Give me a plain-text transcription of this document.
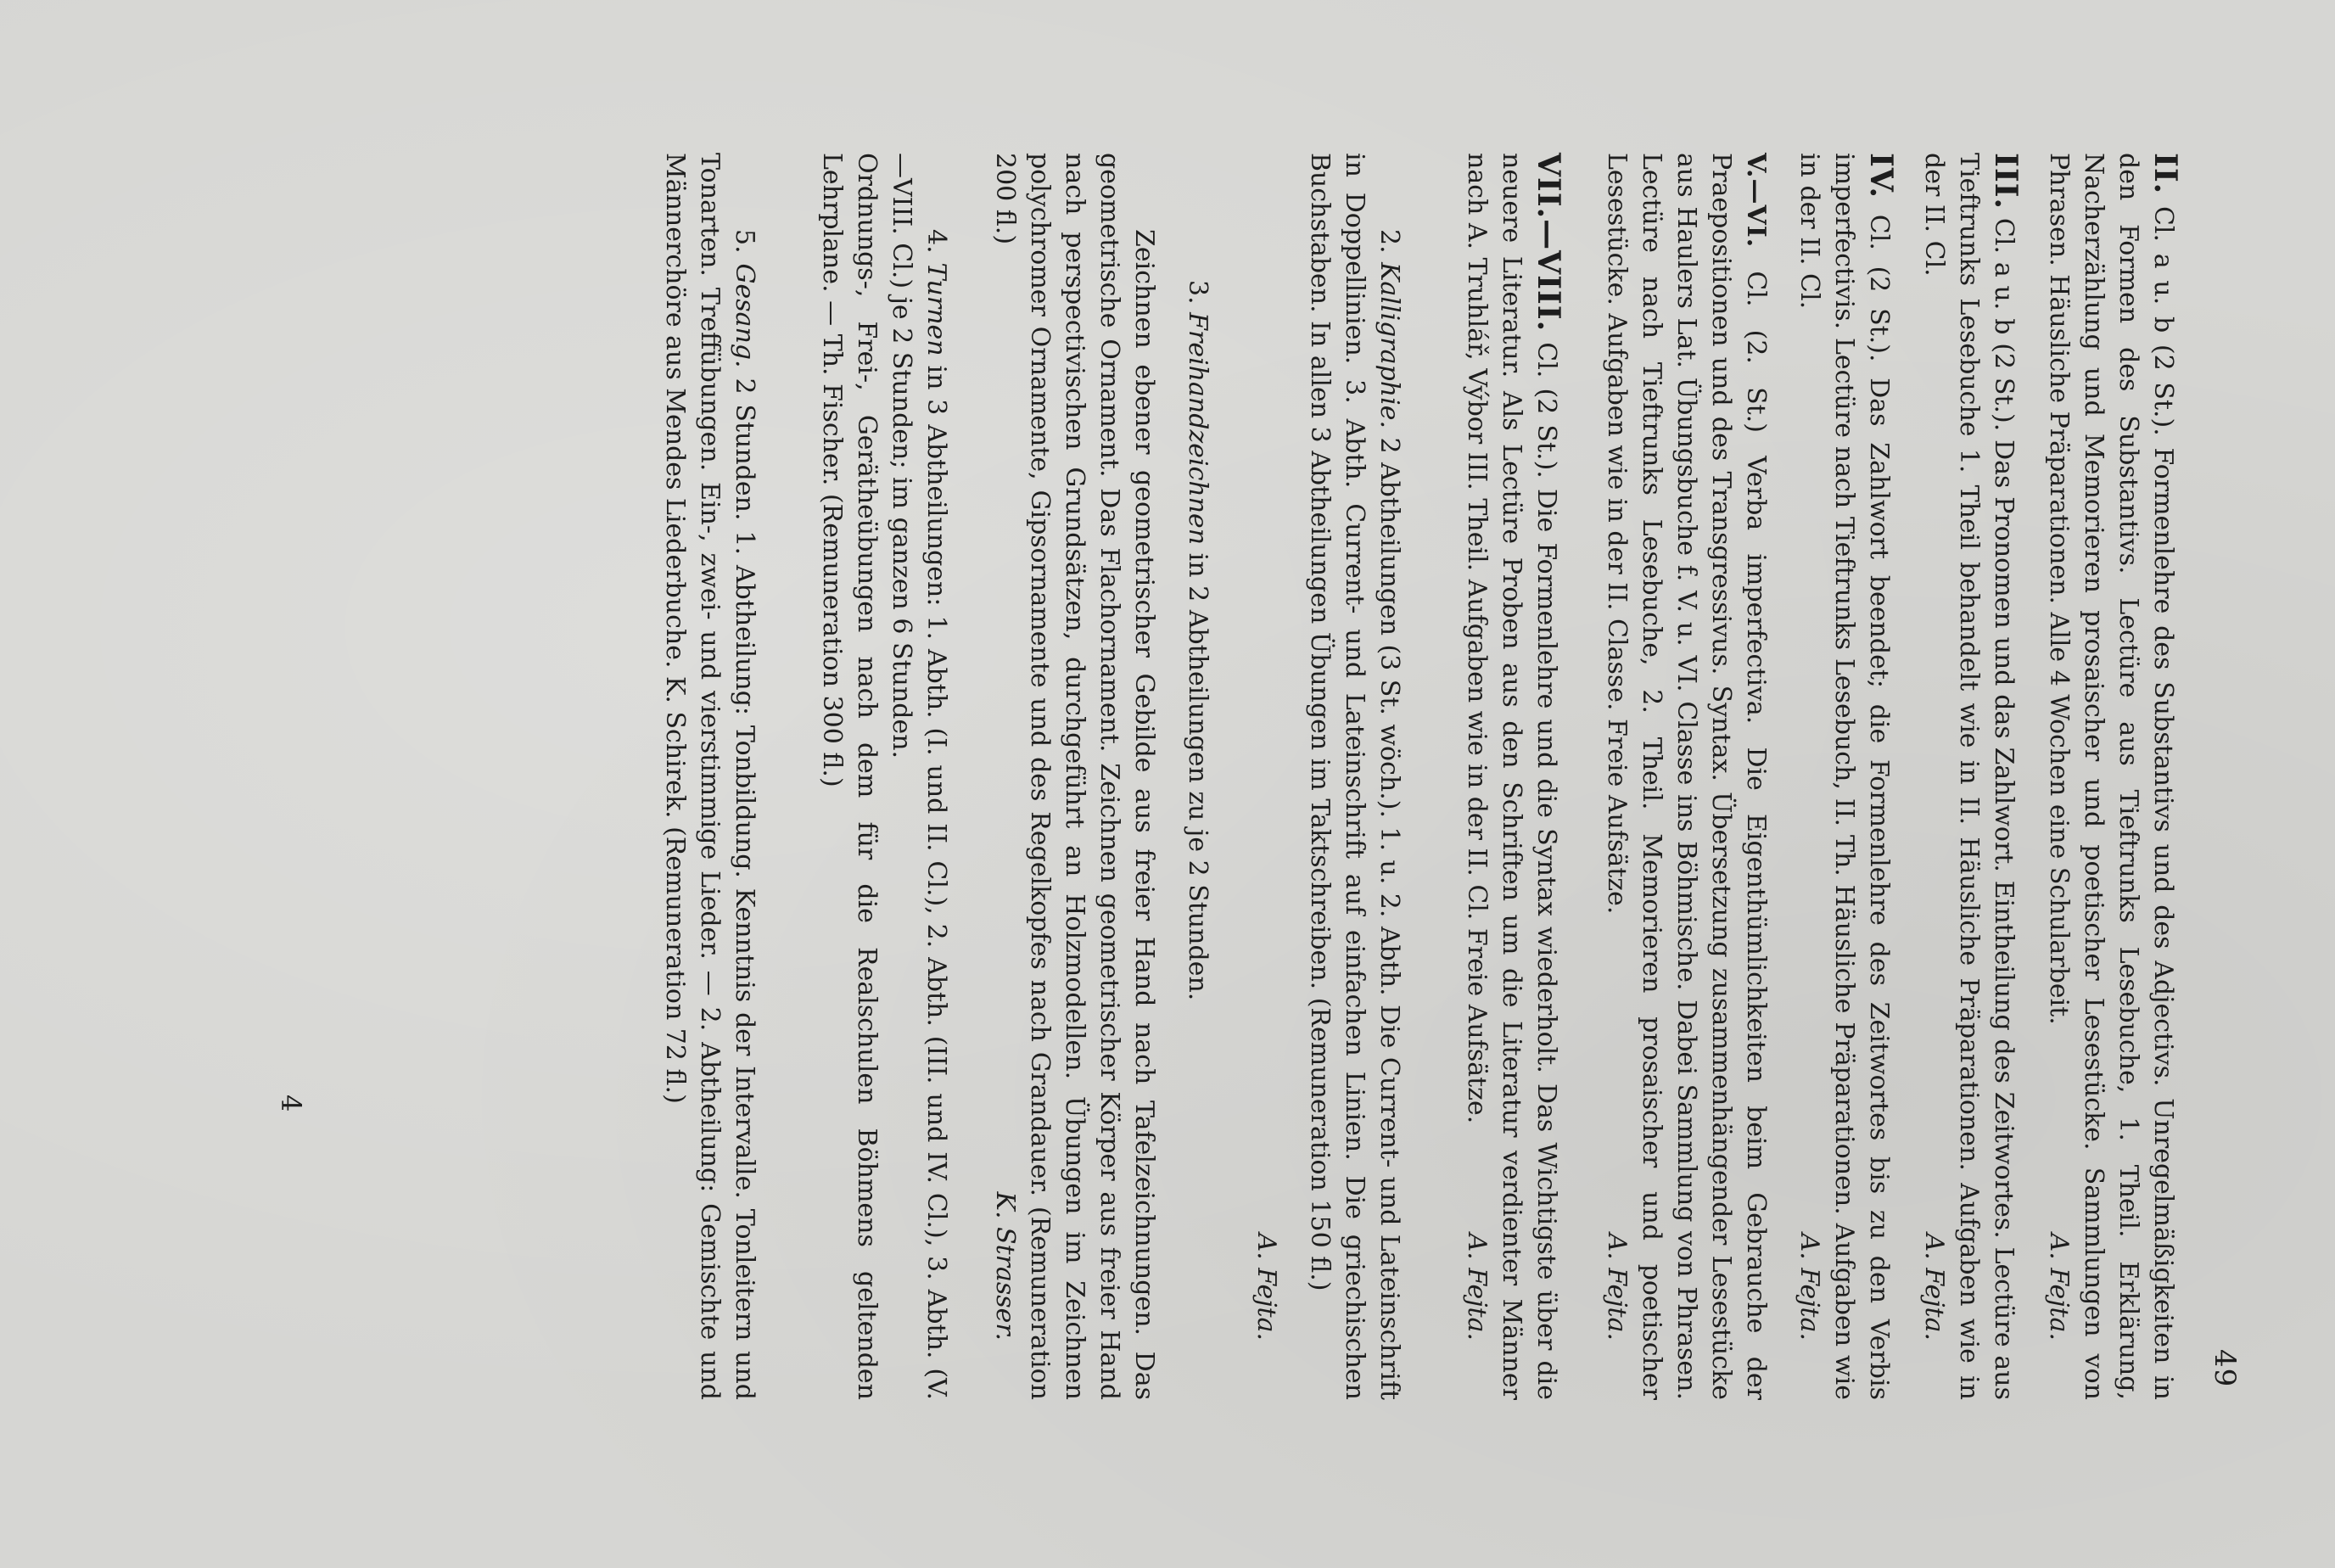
49

II. Cl. a u. b (2 St.). Formenlehre des Substantivs und des Adjectivs. Unregelmäßigkeiten in den Formen des Substantivs. Lectüre aus Tieftrunks Lesebuche, 1. Theil. Erklärung, Nacherzählung und Memorieren prosaischer und poetischer Lesestücke. Sammlungen von Phrasen. Häusliche Präparationen. Alle 4 Wochen eine Schularbeit.

A. Fejta.

III. Cl. a u. b (2 St.). Das Pronomen und das Zahlwort. Eintheilung des Zeitwortes. Lectüre aus Tieftrunks Lesebuche 1. Theil behandelt wie in II. Häusliche Präparationen. Aufgaben wie in der II. Cl.

A. Fejta.

IV. Cl. (2 St.). Das Zahlwort beendet; die Formenlehre des Zeitwortes bis zu den Verbis imperfectivis. Lectüre nach Tieftrunks Lesebuch, II. Th. Häusliche Präparationen. Aufgaben wie in der II. Cl.

A. Fejta.

V.—VI. Cl. (2. St.) Verba imperfectiva. Die Eigenthümlichkeiten beim Gebrauche der Praepositionen und des Transgressivus. Syntax. Übersetzung zusammenhängender Lesestücke aus Haulers Lat. Übungsbuche f. V. u. VI. Classe ins Böhmische. Dabei Sammlung von Phrasen. Lectüre nach Tieftrunks Lesebuche, 2. Theil. Memorieren prosaischer und poetischer Lesestücke. Aufgaben wie in der II. Classe. Freie Aufsätze.

A. Fejta.

VII.—VIII. Cl. (2 St.). Die Formenlehre und die Syntax wiederholt. Das Wichtigste über die neuere Literatur. Als Lectüre Proben aus den Schriften um die Literatur verdienter Männer nach A. Truhlář, Výbor III. Theil. Aufgaben wie in der II. Cl. Freie Aufsätze.

A. Fejta.

2. Kalligraphie. 2 Abtheilungen (3 St. wöch.). 1. u. 2. Abth. Die Current- und Lateinschrift in Doppellinien. 3. Abth. Current- und Lateinschrift auf einfachen Linien. Die griechischen Buchstaben. In allen 3 Abtheilungen Übungen im Taktschreiben. (Remuneration 150 fl.)

A. Fejta.

3. Freihandzeichnen in 2 Abtheilungen zu je 2 Stunden.

Zeichnen ebener geometrischer Gebilde aus freier Hand nach Tafelzeichnungen. Das geometrische Ornament. Das Flachornament. Zeichnen geometrischer Körper aus freier Hand nach perspectivischen Grundsätzen, durchgeführt an Holzmodellen. Übungen im Zeichnen polychromer Ornamente, Gipsornamente und des Regelkopfes nach Grandauer. (Remuneration 200 fl.)

K. Strasser.

4. Turnen in 3 Abtheilungen: 1. Abth. (I. und II. Cl.), 2. Abth. (III. und IV. Cl.), 3. Abth. (V.—VIII. Cl.) je 2 Stunden; im ganzen 6 Stunden.

Ordnungs-, Frei-, Gerätheübungen nach dem für die Realschulen Böhmens geltenden Lehrplane. — Th. Fischer. (Remuneration 300 fl.)

5. Gesang. 2 Stunden. 1. Abtheilung: Tonbildung. Kenntnis der Intervalle. Tonleitern und Tonarten. Treffübungen. Ein-, zwei- und vierstimmige Lieder. — 2. Abtheilung: Gemischte und Männerchöre aus Mendes Liederbuche. K. Schirek. (Remuneration 72 fl.)

4
